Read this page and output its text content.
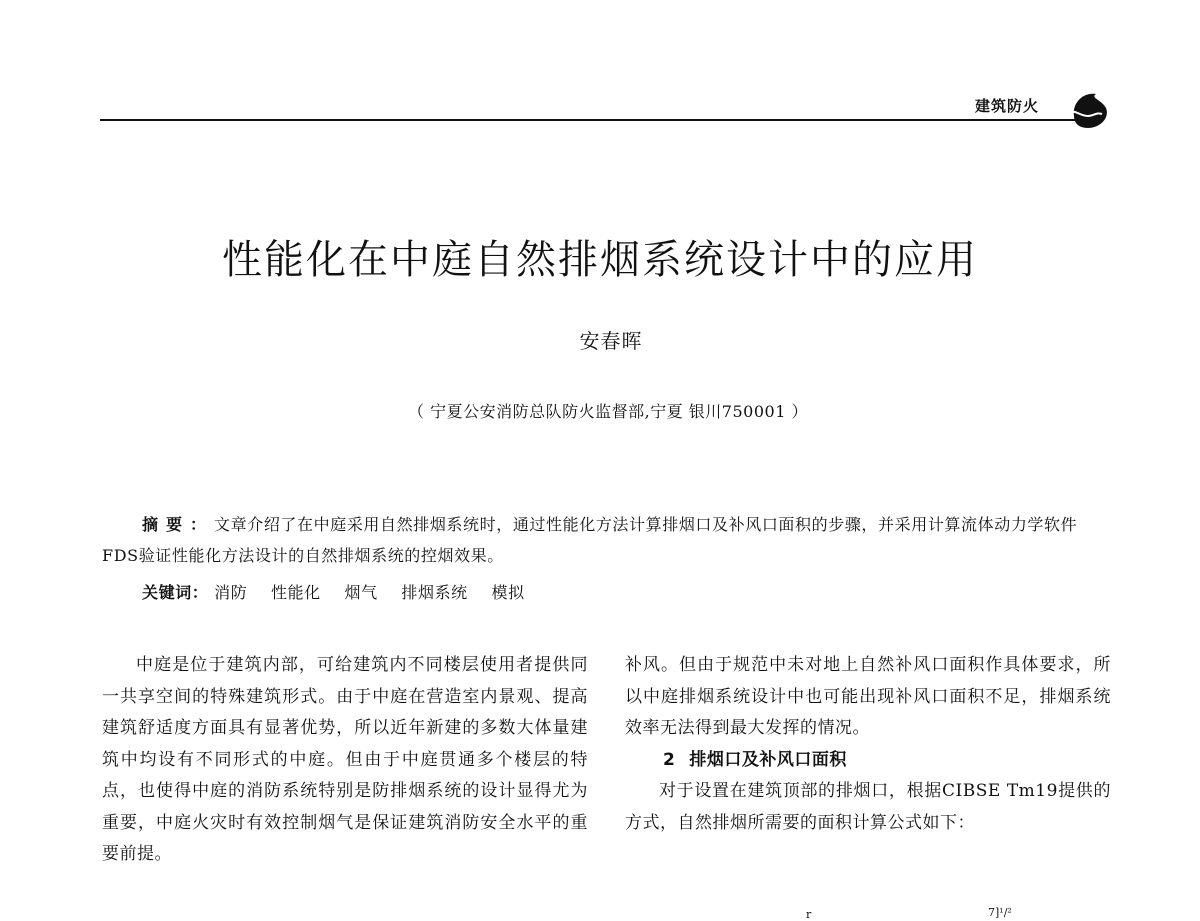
建筑防火
性能化在中庭自然排烟系统设计中的应用
安春晖
（ 宁夏公安消防总队防火监督部,宁夏 银川750001 ）

摘要：文章介绍了在中庭采用自然排烟系统时，通过性能化方法计算排烟口及补风口面积的步骤，并采用计算流体动力学软件FDS验证性能化方法设计的自然排烟系统的控烟效果。

关键词： 消防 性能化 烟气 排烟系统 模拟

中庭是位于建筑内部，可给建筑内不同楼层使用者提供同一共享空间的特殊建筑形式。由于中庭在营造室内景观、提高建筑舒适度方面具有显著优势，所以近年新建的多数大体量建筑中均设有不同形式的中庭。但由于中庭贯通多个楼层的特点，也使得中庭的消防系统特别是防排烟系统的设计显得尤为重要，中庭火灾时有效控制烟气是保证建筑消防安全水平的重要前提。

补风。但由于规范中未对地上自然补风口面积作具体要求，所以中庭排烟系统设计中也可能出现补风口面积不足，排烟系统效率无法得到最大发挥的情况。

2 排烟口及补风口面积

对于设置在建筑顶部的排烟口，根据CIBSE Tm19提供的方式，自然排烟所需要的面积计算公式如下：

r	7]¹/²
